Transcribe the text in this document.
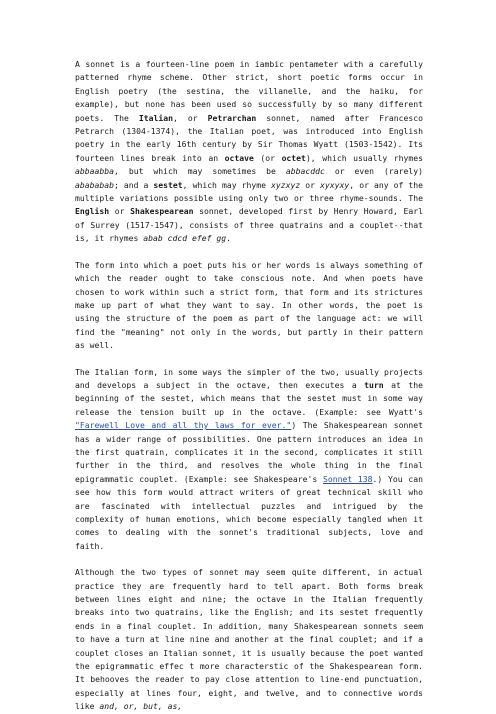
A sonnet is a fourteen-line poem in iambic pentameter with a carefully patterned rhyme scheme. Other strict, short poetic forms occur in English poetry (the sestina, the villanelle, and the haiku, for example), but none has been used so successfully by so many different poets. The Italian, or Petrarchan sonnet, named after Francesco Petrarch (1304-1374), the Italian poet, was introduced into English poetry in the early 16th century by Sir Thomas Wyatt (1503-1542). Its fourteen lines break into an octave (or octet), which usually rhymes abbaabba, but which may sometimes be abbacddc or even (rarely) abababab; and a sestet, which may rhyme xyzxyz or xyxyxy, or any of the multiple variations possible using only two or three rhyme-sounds. The English or Shakespearean sonnet, developed first by Henry Howard, Earl of Surrey (1517-1547), consists of three quatrains and a couplet--that is, it rhymes abab cdcd efef gg.

The form into which a poet puts his or her words is always something of which the reader ought to take conscious note. And when poets have chosen to work within such a strict form, that form and its strictures make up part of what they want to say. In other words, the poet is using the structure of the poem as part of the language act: we will find the "meaning" not only in the words, but partly in their pattern as well.

The Italian form, in some ways the simpler of the two, usually projects and develops a subject in the octave, then executes a turn at the beginning of the sestet, which means that the sestet must in some way release the tension built up in the octave. (Example: see Wyatt's "Farewell Love and all thy laws for ever.") The Shakespearean sonnet has a wider range of possibilities. One pattern introduces an idea in the first quatrain, complicates it in the second, complicates it still further in the third, and resolves the whole thing in the final epigrammatic couplet. (Example: see Shakespeare's Sonnet 138.) You can see how this form would attract writers of great technical skill who are fascinated with intellectual puzzles and intrigued by the complexity of human emotions, which become especially tangled when it comes to dealing with the sonnet's traditional subjects, love and faith.

Although the two types of sonnet may seem quite different, in actual practice they are frequently hard to tell apart. Both forms break between lines eight and nine; the octave in the Italian frequently breaks into two quatrains, like the English; and its sestet frequently ends in a final couplet. In addition, many Shakespearean sonnets seem to have a turn at line nine and another at the final couplet; and if a couplet closes an Italian sonnet, it is usually because the poet wanted the epigrammatic effec t more characterstic of the Shakespearean form. It behooves the reader to pay close attention to line-end punctuation, especially at lines four, eight, and twelve, and to connective words like and, or, but, as,
